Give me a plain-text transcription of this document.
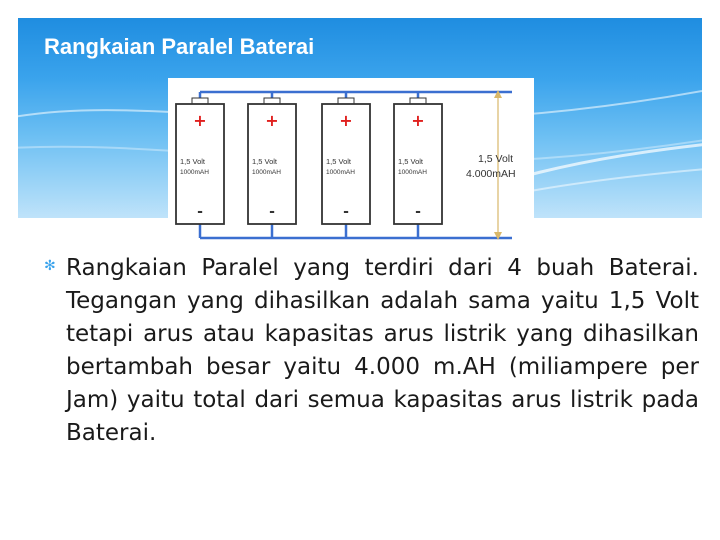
Rangkaian Paralel Baterai
+
1,5 Volt
1000mAH
-
+
1,5 Volt
1000mAH
-
+
1,5 Volt
1000mAH
-
+
1,5 Volt
1000mAH
-
1,5 Volt
4.000mAH
✻ Rangkaian Paralel yang terdiri dari 4 buah Baterai. Tegangan yang dihasilkan adalah sama yaitu 1,5 Volt tetapi arus atau kapasitas arus listrik yang dihasilkan bertambah besar yaitu 4.000 m.AH (miliampere per Jam) yaitu total dari semua kapasitas arus listrik pada Baterai.
